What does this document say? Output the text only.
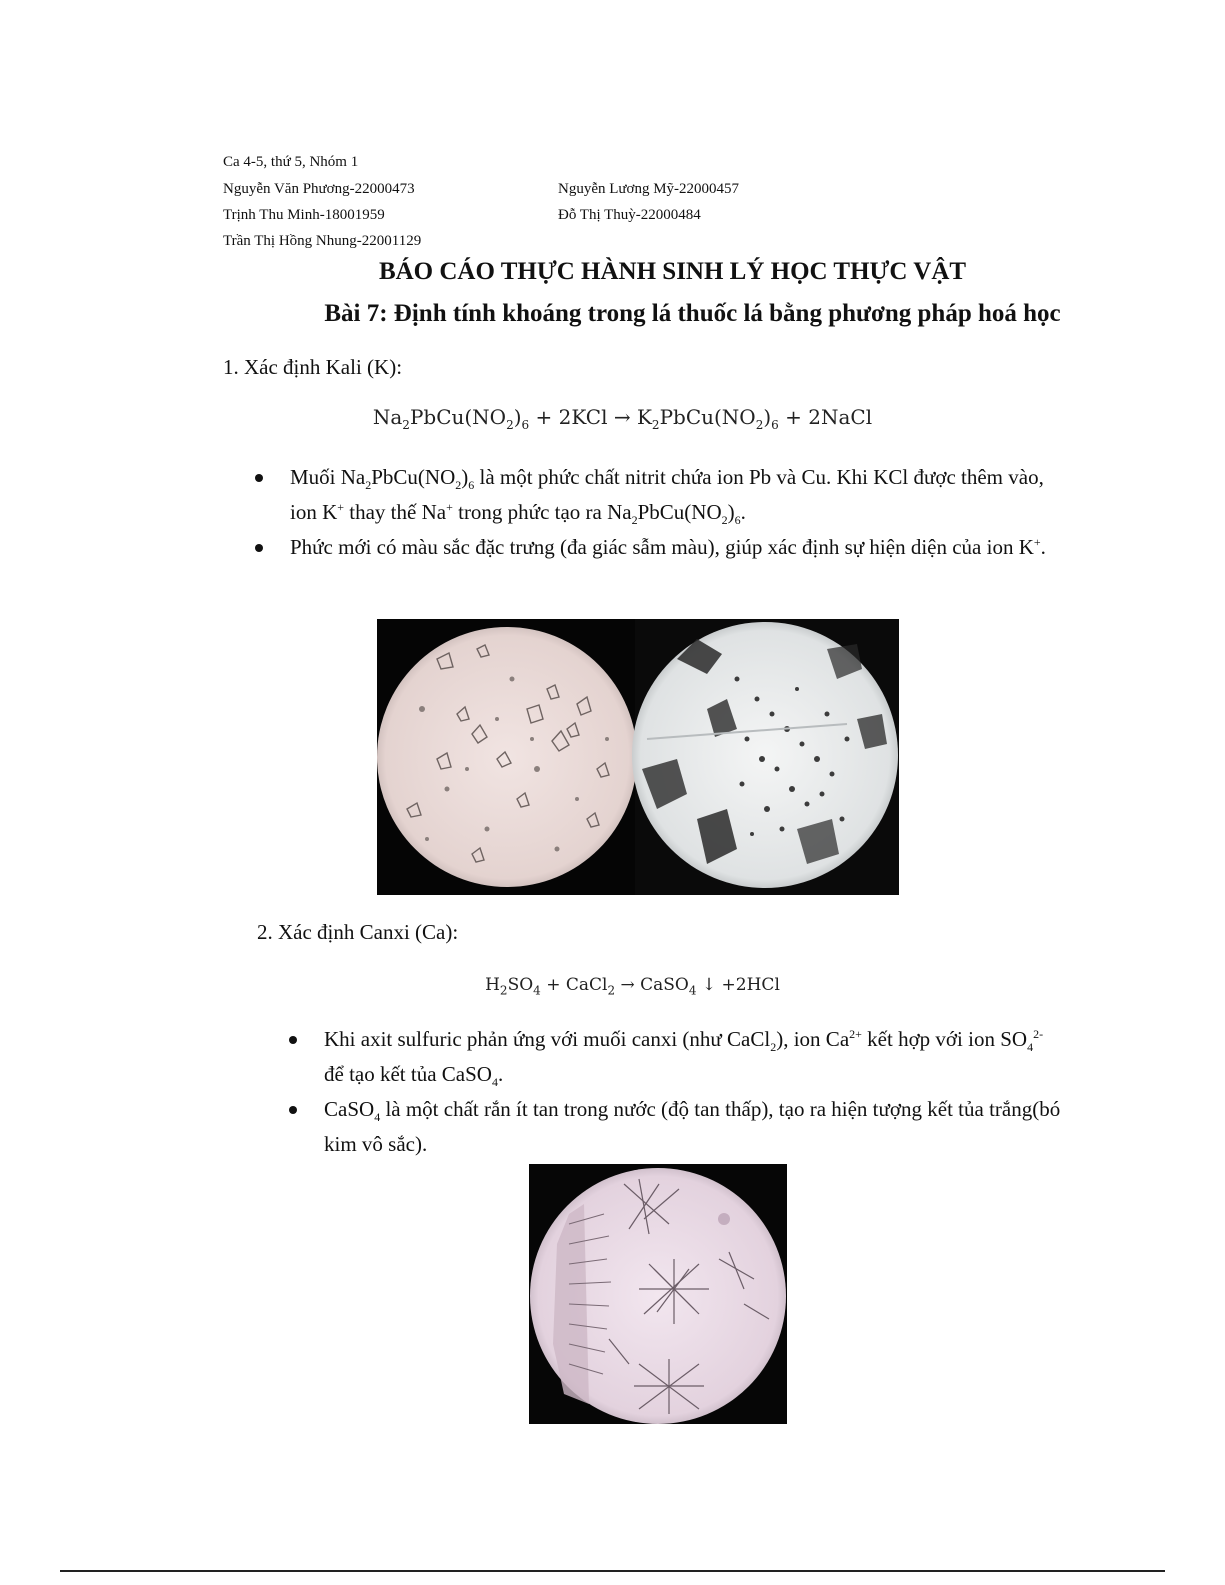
Ca 4-5, thứ 5, Nhóm 1
Nguyễn Văn Phương-22000473
Trịnh Thu Minh-18001959
Trần Thị Hồng Nhung-22001129
Nguyễn Lương Mỹ-22000457
Đỗ Thị Thuỳ-22000484
BÁO CÁO THỰC HÀNH SINH LÝ HỌC THỰC VẬT
Bài 7: Định tính khoáng trong lá thuốc lá bằng phương pháp hoá học
1. Xác định Kali (K):
$Na_2PbCu(NO_2)_6 + 2KCl$ → $K_2PbCu(NO_2)_6$ + 2NaCl
Muối $Na_2PbCu(NO_2)_6$ là một phức chất nitrit chứa ion Pb và Cu. Khi KCl được thêm vào, ion K+ thay thế Na+ trong phức tạo ra $Na_2PbCu(NO_2)_6$.
Phức mới có màu sắc đặc trưng (đa giác sẫm màu), giúp xác định sự hiện diện của ion K+.
2. Xác định Canxi (Ca):
$H_2SO_4$ + CaCl$_2$ → CaSO$_4$ ↓ +2HCl
Khi axit sulfuric phản ứng với muối canxi (như CaCl$_2$), ion $Ca^{2+}$ kết hợp với ion $SO_4^{2-}$ để tạo kết tủa CaSO$_4$.
CaSO$_4$ là một chất rắn ít tan trong nước (độ tan thấp), tạo ra hiện tượng kết tủa trắng(bó kim vô sắc).
